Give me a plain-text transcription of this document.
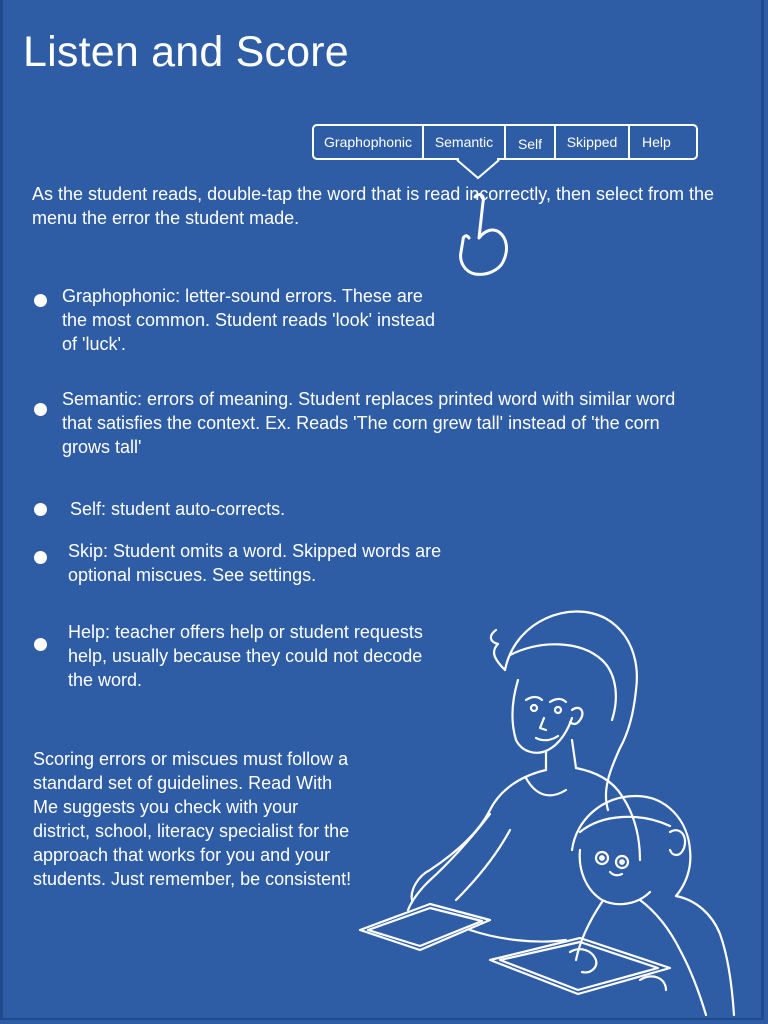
Listen and Score
Graphophonic	Semantic	Self	Skipped	Help
As the student reads, double-tap the word that is read incorrectly, then select from the menu the error the student made.
Graphophonic: letter-sound errors. These are the most common. Student reads 'look' instead of 'luck'.
Semantic: errors of meaning. Student replaces printed word with similar word that satisfies the context. Ex. Reads 'The corn grew tall' instead of 'the corn grows tall'
Self: student auto-corrects.
Skip: Student omits a word. Skipped words are optional miscues. See settings.
Help: teacher offers help or student requests help, usually because they could not decode the word.
Scoring errors or miscues must follow a standard set of guidelines. Read With Me suggests you check with your district, school, literacy specialist for the approach that works for you and your students. Just remember, be consistent!
